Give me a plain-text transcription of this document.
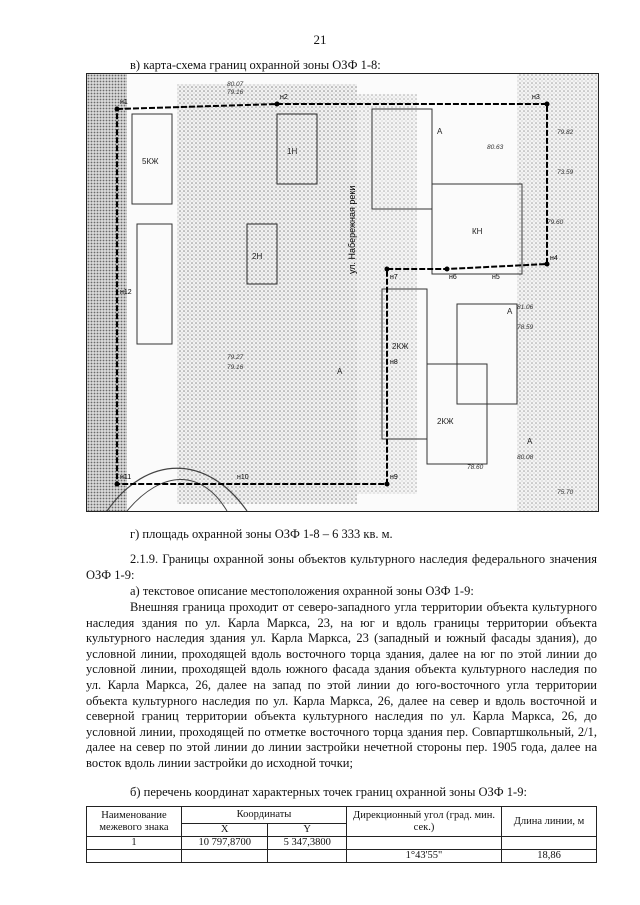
21
в) карта-схема границ охранной зоны ОЗФ 1-8:
ул. Набережная реки
5КЖ
КН
2КЖ
2КЖ
1Н
2Н
А
А
А
А
н1
н2	н3
н4
н5
н6
н7
н8
н9
н10
н11
н12
80.07
79.16
80.63
79.82
73.59
79.60
81.06
78.59
79.27
79.16
80.08
78.60
75.70
г) площадь охранной зоны ОЗФ 1-8 – 6 333 кв. м.
2.1.9. Границы охранной зоны объектов культурного наследия федерального значения ОЗФ 1-9:
а) текстовое описание местоположения охранной зоны ОЗФ 1-9:
Внешняя граница проходит от северо-западного угла территории объекта культурного наследия здания по ул. Карла Маркса, 23, на юг и вдоль границы территории объекта культурного наследия здания ул. Карла Маркса, 23 (западный и южный фасады здания), до условной линии, проходящей вдоль восточного торца здания, далее на юг по этой линии до условной линии, проходящей вдоль южного фасада здания объекта культурного наследия по ул. Карла Маркса, 26, далее на запад по этой линии до юго-восточного угла территории объекта культурного наследия по ул. Карла Маркса, 26, далее на север и вдоль восточной и северной границ территории объекта культурного наследия по ул. Карла Маркса, 26, до условной линии, проходящей по отметке восточного торца здания пер. Совпартшкольный, 2/1, далее на север по этой линии до линии застройки нечетной стороны пер. 1905 года, далее на восток вдоль линии застройки до исходной точки;
б) перечень координат характерных точек границ охранной зоны ОЗФ 1-9:
Наименование межевого знака	Координаты		Дирекционный угол (град. мин. сек.)	Длина линии, м
	X	Y		
1	10 797,8700	5 347,3800		
			1°43'55"	18,86
